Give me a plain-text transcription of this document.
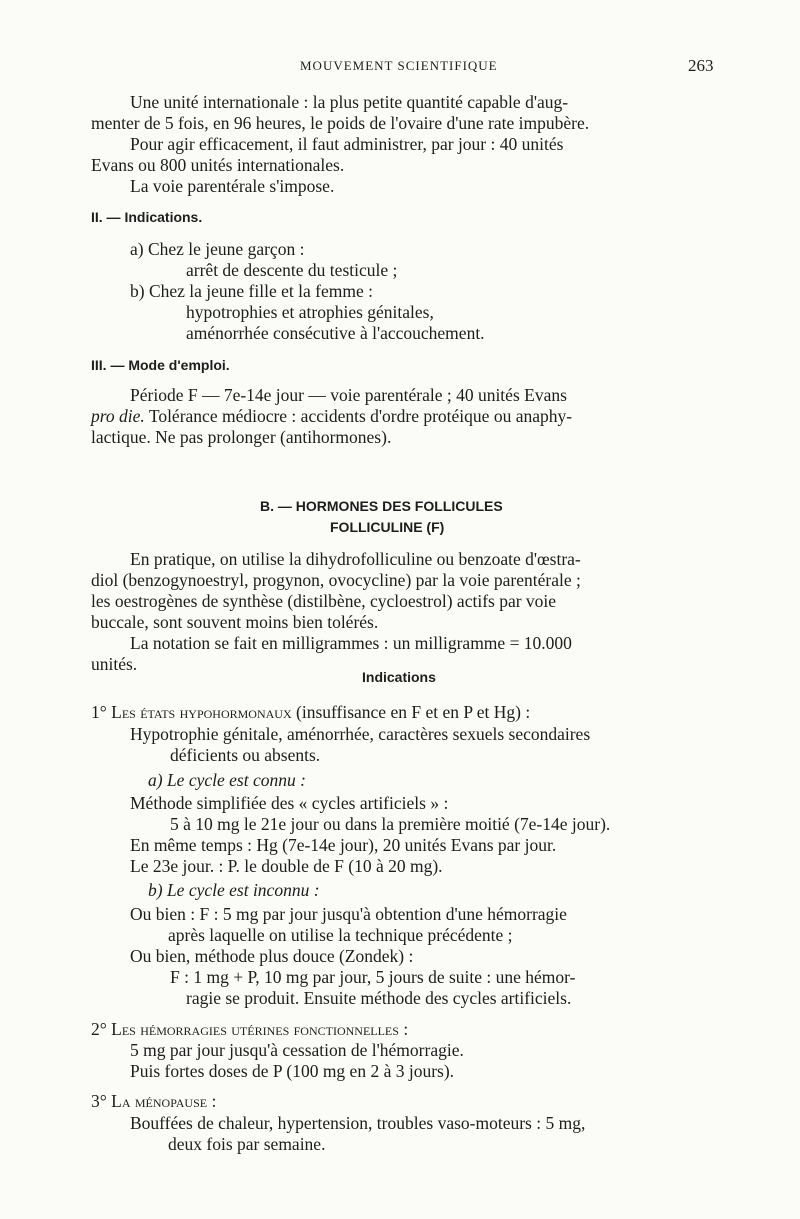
MOUVEMENT SCIENTIFIQUE	263
Une unité internationale : la plus petite quantité capable d'aug-
menter de 5 fois, en 96 heures, le poids de l'ovaire d'une rate impubère.
Pour agir efficacement, il faut administrer, par jour : 40 unités
Evans ou 800 unités internationales.
La voie parentérale s'impose.
II. — Indications.
a) Chez le jeune garçon :
arrêt de descente du testicule ;
b) Chez la jeune fille et la femme :
hypotrophies et atrophies génitales,
aménorrhée consécutive à l'accouchement.
III. — Mode d'emploi.
Période F — 7e-14e jour — voie parentérale ; 40 unités Evans
pro die. Tolérance médiocre : accidents d'ordre protéique ou anaphy-
lactique. Ne pas prolonger (antihormones).
B. — HORMONES DES FOLLICULES
FOLLICULINE (F)
En pratique, on utilise la dihydrofolliculine ou benzoate d'œstra-
diol (benzogynoestryl, progynon, ovocycline) par la voie parentérale ;
les oestrogènes de synthèse (distilbène, cycloestrol) actifs par voie
buccale, sont souvent moins bien tolérés.
La notation se fait en milligrammes : un milligramme = 10.000
unités.
Indications
1° Les états hypohormonaux (insuffisance en F et en P et Hg) :
Hypotrophie génitale, aménorrhée, caractères sexuels secondaires
déficients ou absents.
a) Le cycle est connu :
Méthode simplifiée des « cycles artificiels » :
5 à 10 mg le 21e jour ou dans la première moitié (7e-14e jour).
En même temps : Hg (7e-14e jour), 20 unités Evans par jour.
Le 23e jour. : P. le double de F (10 à 20 mg).
b) Le cycle est inconnu :
Ou bien : F : 5 mg par jour jusqu'à obtention d'une hémorragie
après laquelle on utilise la technique précédente ;
Ou bien, méthode plus douce (Zondek) :
F : 1 mg + P, 10 mg par jour, 5 jours de suite : une hémor-
ragie se produit. Ensuite méthode des cycles artificiels.
2° Les hémorragies utérines fonctionnelles :
5 mg par jour jusqu'à cessation de l'hémorragie.
Puis fortes doses de P (100 mg en 2 à 3 jours).
3° La ménopause :
Bouffées de chaleur, hypertension, troubles vaso-moteurs : 5 mg,
deux fois par semaine.
